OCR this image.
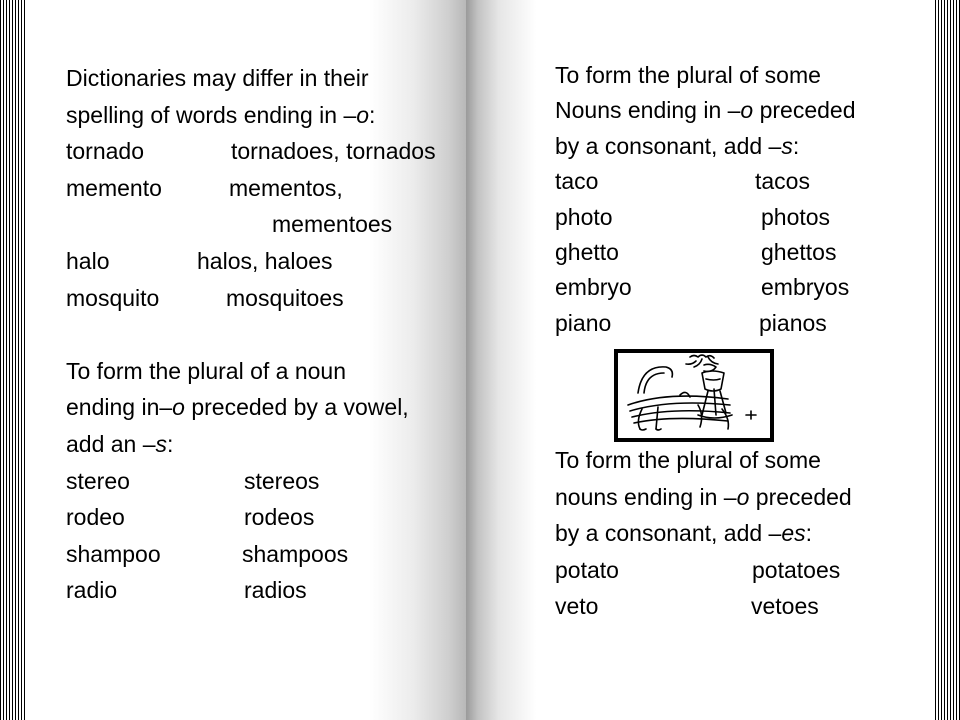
Dictionaries may differ in their
spelling of words ending in –o:
tornado	tornadoes, tornados
memento	mementos,
mementoes
halo	halos, haloes
mosquito	mosquitoes
To form the plural of a noun
ending in–o preceded by a vowel,
add an –s:
stereo	stereos
rodeo	rodeos
shampoo	shampoos
radio	radios
To form the plural of some
Nouns ending in –o preceded
by a consonant, add –s:
taco	tacos
photo	photos
ghetto	ghettos
embryo	embryos
piano	pianos
To form the plural of some
nouns ending in –o preceded
by a consonant, add –es:
potato	potatoes
veto	vetoes
